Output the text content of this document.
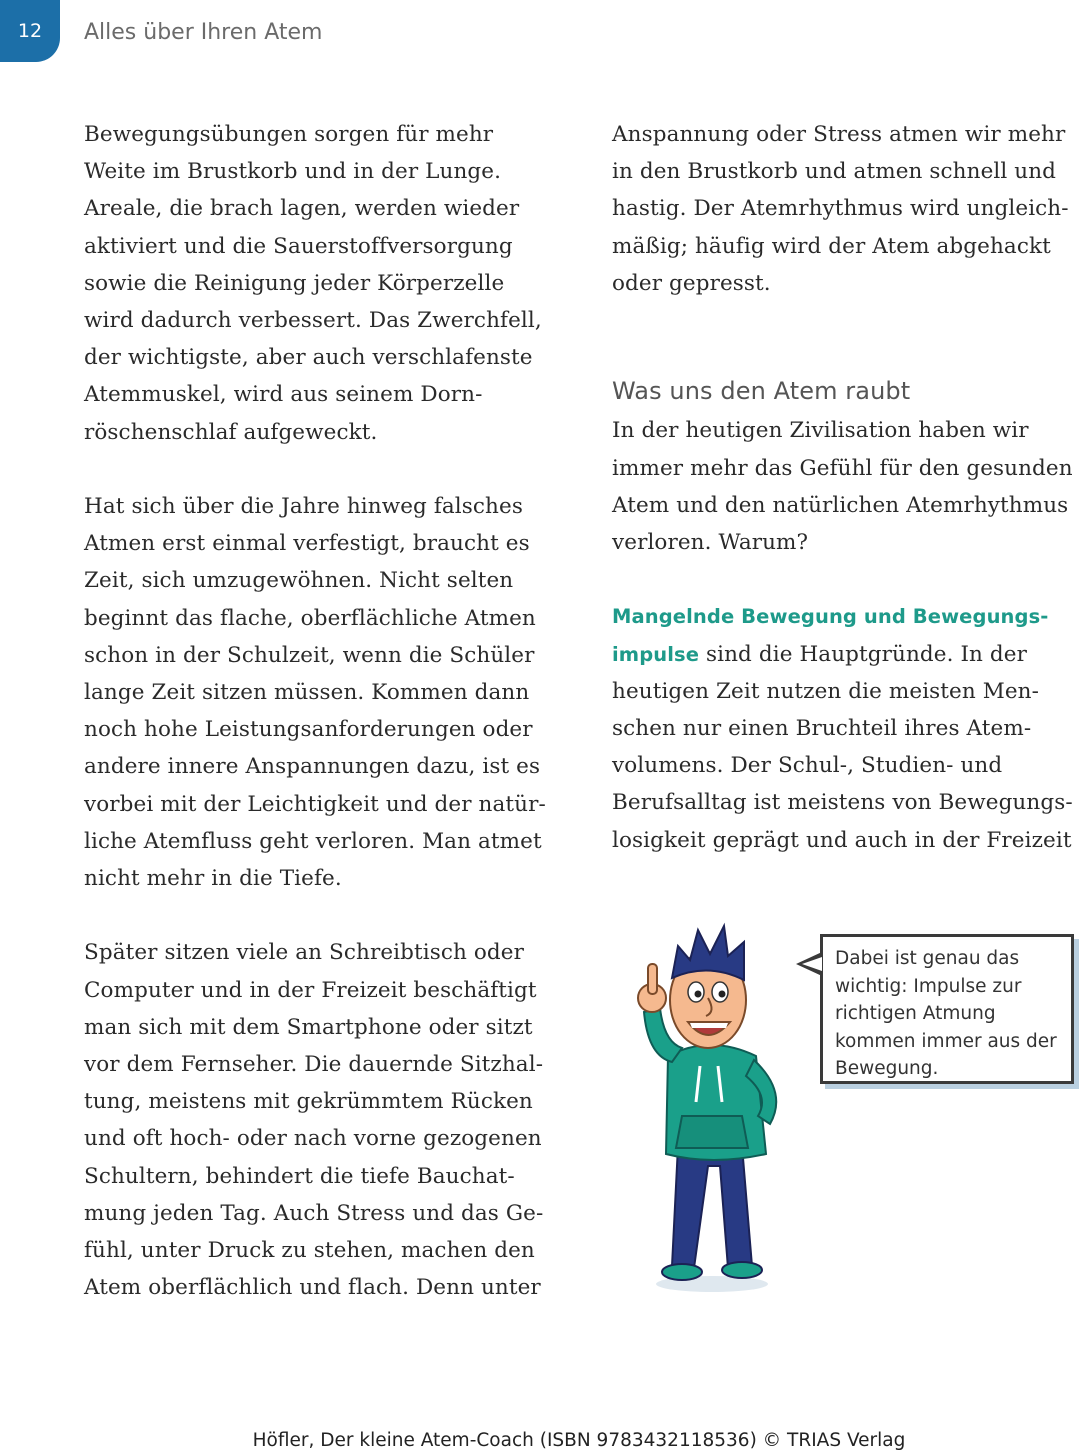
12 Alles über Ihren Atem
Bewegungsübungen sorgen für mehr
Weite im Brustkorb und in der Lunge.
Areale, die brach lagen, werden wieder
aktiviert und die Sauerstoffversorgung
sowie die Reinigung jeder Körperzelle
wird dadurch verbessert. Das Zwerchfell,
der wichtigste, aber auch verschlafenste
Atemmuskel, wird aus seinem Dorn-
röschenschlaf aufgeweckt.
Hat sich über die Jahre hinweg falsches
Atmen erst einmal verfestigt, braucht es
Zeit, sich umzugewöhnen. Nicht selten
beginnt das flache, oberflächliche Atmen
schon in der Schulzeit, wenn die Schüler
lange Zeit sitzen müssen. Kommen dann
noch hohe Leistungsanforderungen oder
andere innere Anspannungen dazu, ist es
vorbei mit der Leichtigkeit und der natür-
liche Atemfluss geht verloren. Man atmet
nicht mehr in die Tiefe.
Später sitzen viele an Schreibtisch oder
Computer und in der Freizeit beschäftigt
man sich mit dem Smartphone oder sitzt
vor dem Fernseher. Die dauernde Sitzhal-
tung, meistens mit gekrümmtem Rücken
und oft hoch- oder nach vorne gezogenen
Schultern, behindert die tiefe Bauchat-
mung jeden Tag. Auch Stress und das Ge-
fühl, unter Druck zu stehen, machen den
Atem oberflächlich und flach. Denn unter
Anspannung oder Stress atmen wir mehr
in den Brustkorb und atmen schnell und
hastig. Der Atemrhythmus wird ungleich-
mäßig; häufig wird der Atem abgehackt
oder gepresst.
Was uns den Atem raubt
In der heutigen Zivilisation haben wir
immer mehr das Gefühl für den gesunden
Atem und den natürlichen Atemrhythmus
verloren. Warum?
Mangelnde Bewegung und Bewegungs-
impulse sind die Hauptgründe. In der
heutigen Zeit nutzen die meisten Men-
schen nur einen Bruchteil ihres Atem-
volumens. Der Schul-, Studien- und
Berufsalltag ist meistens von Bewegungs-
losigkeit geprägt und auch in der Freizeit
Dabei ist genau das
wichtig: Impulse zur
richtigen Atmung
kommen immer aus der
Bewegung.
Höfler, Der kleine Atem-Coach (ISBN 9783432118536) © TRIAS Verlag
